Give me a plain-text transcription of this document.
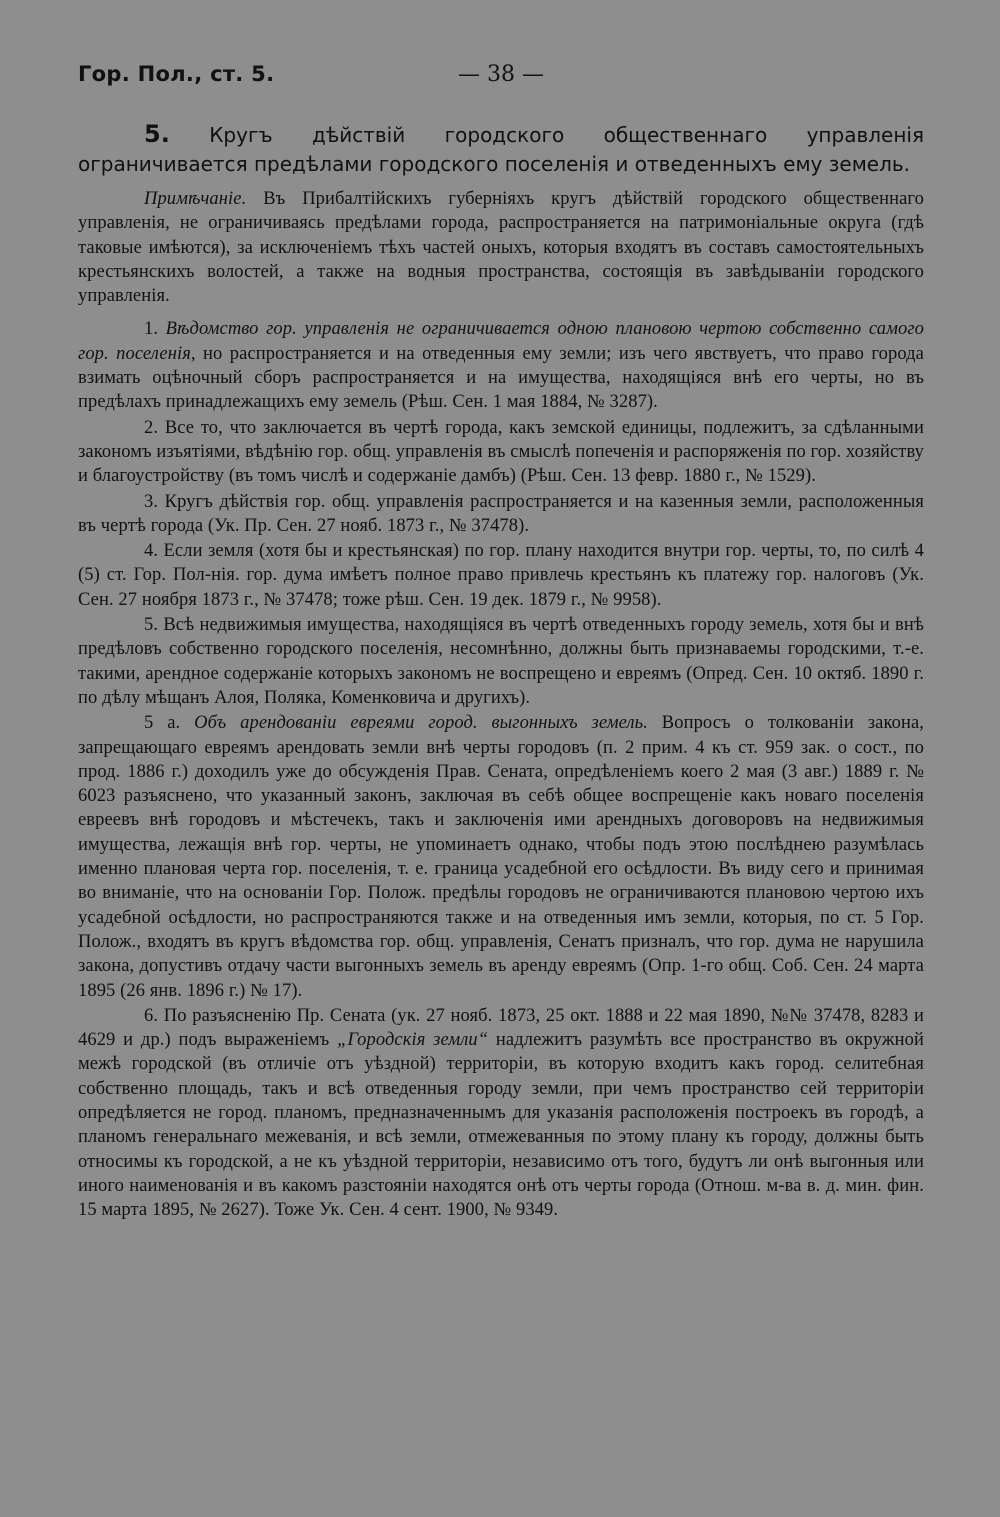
Гор. Пол., ст. 5.	— 38 —

5. Кругъ дѣйствій городского общественнаго управленія ограничивается предѣлами городского поселенія и отведенныхъ ему земель.

Примѣчаніе. Въ Прибалтійскихъ губерніяхъ кругъ дѣйствій городского общественнаго управленія, не ограничиваясь предѣлами города, распространяется на патримоніальные округа (гдѣ таковые имѣются), за исключеніемъ тѣхъ частей оныхъ, которыя входятъ въ составъ самостоятельныхъ крестьянскихъ волостей, а также на водныя пространства, состоящія въ завѣдываніи городского управленія.

1. Вѣдомство гор. управленія не ограничивается одною плановою чертою собственно самого гор. поселенія, но распространяется и на отведенныя ему земли; изъ чего явствуетъ, что право города взимать оцѣночный сборъ распространяется и на имущества, находящіяся внѣ его черты, но въ предѣлахъ принадлежащихъ ему земель (Рѣш. Сен. 1 мая 1884, № 3287).

2. Все то, что заключается въ чертѣ города, какъ земской единицы, подлежитъ, за сдѣланными закономъ изъятіями, вѣдѣнію гор. общ. управленія въ смыслѣ попеченія и распоряженія по гор. хозяйству и благоустройству (въ томъ числѣ и содержаніе дамбъ) (Рѣш. Сен. 13 февр. 1880 г., № 1529).

3. Кругъ дѣйствія гор. общ. управленія распространяется и на казенныя земли, расположенныя въ чертѣ города (Ук. Пр. Сен. 27 нояб. 1873 г., № 37478).

4. Если земля (хотя бы и крестьянская) по гор. плану находится внутри гор. черты, то, по силѣ 4 (5) ст. Гор. Пол-нія. гор. дума имѣетъ полное право привлечь крестьянъ къ платежу гор. налоговъ (Ук. Сен. 27 ноября 1873 г., № 37478; тоже рѣш. Сен. 19 дек. 1879 г., № 9958).

5. Всѣ недвижимыя имущества, находящіяся въ чертѣ отведенныхъ городу земель, хотя бы и внѣ предѣловъ собственно городского поселенія, несомнѣнно, должны быть признаваемы городскими, т.-е. такими, арендное содержаніе которыхъ закономъ не воспрещено и евреямъ (Опред. Сен. 10 октяб. 1890 г. по дѣлу мѣщанъ Алоя, Поляка, Коменковича и другихъ).

5 а. Объ арендованіи евреями город. выгонныхъ земель. Вопросъ о толкованіи закона, запрещающаго евреямъ арендовать земли внѣ черты городовъ (п. 2 прим. 4 къ ст. 959 зак. о сост., по прод. 1886 г.) доходилъ уже до обсужденія Прав. Сената, опредѣленіемъ коего 2 мая (3 авг.) 1889 г. № 6023 разъяснено, что указанный законъ, заключая въ себѣ общее воспрещеніе какъ новаго поселенія евреевъ внѣ городовъ и мѣстечекъ, такъ и заключенія ими арендныхъ договоровъ на недвижимыя имущества, лежащія внѣ гор. черты, не упоминаетъ однако, чтобы подъ этою послѣднею разумѣлась именно плановая черта гор. поселенія, т. е. граница усадебной его осѣдлости. Въ виду сего и принимая во вниманіе, что на основаніи Гор. Полож. предѣлы городовъ не ограничиваются плановою чертою ихъ усадебной осѣдлости, но распространяются также и на отведенныя имъ земли, которыя, по ст. 5 Гор. Полож., входятъ въ кругъ вѣдомства гор. общ. управленія, Сенатъ призналъ, что гор. дума не нарушила закона, допустивъ отдачу части выгонныхъ земель въ аренду евреямъ (Опр. 1-го общ. Соб. Сен. 24 марта 1895 (26 янв. 1896 г.) № 17).

6. По разъясненію Пр. Сената (ук. 27 нояб. 1873, 25 окт. 1888 и 22 мая 1890, №№ 37478, 8283 и 4629 и др.) подъ выраженіемъ „Городскія земли“ надлежитъ разумѣть все пространство въ окружной межѣ городской (въ отличіе отъ уѣздной) территоріи, въ которую входитъ какъ город. селитебная собственно площадь, такъ и всѣ отведенныя городу земли, при чемъ пространство сей территоріи опредѣляется не город. планомъ, предназначеннымъ для указанія расположенія построекъ въ городѣ, а планомъ генеральнаго межеванія, и всѣ земли, отмежеванныя по этому плану къ городу, должны быть относимы къ городской, а не къ уѣздной территоріи, независимо отъ того, будутъ ли онѣ выгонныя или иного наименованія и въ какомъ разстояніи находятся онѣ отъ черты города (Отнош. м-ва в. д. мин. фин. 15 марта 1895, № 2627). Тоже Ук. Сен. 4 сент. 1900, № 9349.
